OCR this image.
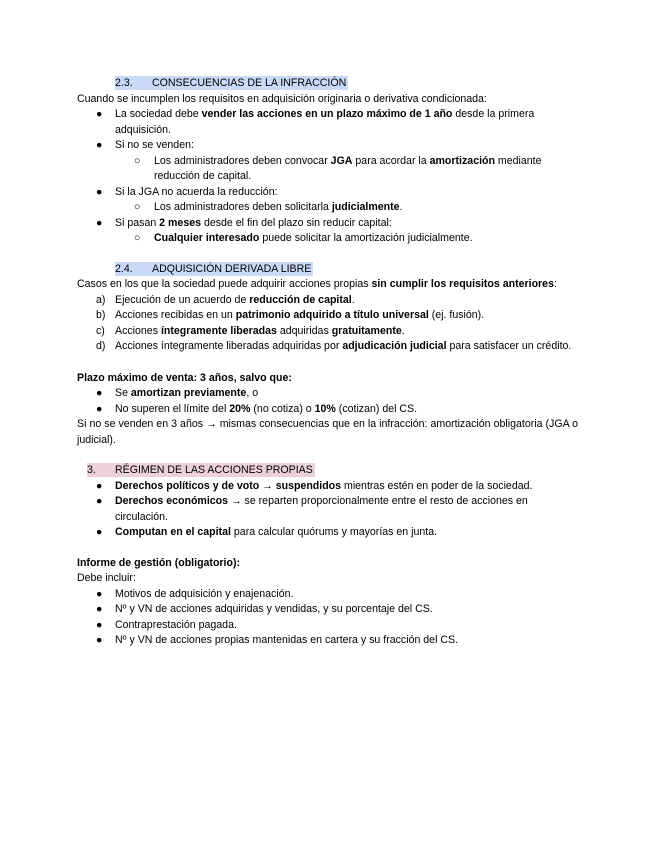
2.3. CONSECUENCIAS DE LA INFRACCIÓN

Cuando se incumplen los requisitos en adquisición originaria o derivativa condicionada:

● La sociedad debe vender las acciones en un plazo máximo de 1 año desde la primera adquisición.
● Si no se venden:
○ Los administradores deben convocar JGA para acordar la amortización mediante reducción de capital.
● Si la JGA no acuerda la reducción:
○ Los administradores deben solicitarla judicialmente.
● Si pasan 2 meses desde el fin del plazo sin reducir capital:
○ Cualquier interesado puede solicitar la amortización judicialmente.
2.4. ADQUISICIÓN DERIVADA LIBRE

Casos en los que la sociedad puede adquirir acciones propias sin cumplir los requisitos anteriores:

a) Ejecución de un acuerdo de reducción de capital.
b) Acciones recibidas en un patrimonio adquirido a título universal (ej. fusión).
c) Acciones íntegramente liberadas adquiridas gratuitamente.
d) Acciones íntegramente liberadas adquiridas por adjudicación judicial para satisfacer un crédito.

Plazo máximo de venta: 3 años, salvo que:

● Se amortizan previamente, o
● No superen el límite del 20% (no cotiza) o 10% (cotizan) del CS.

Si no se venden en 3 años → mismas consecuencias que en la infracción: amortización obligatoria (JGA o judicial).

3. RÉGIMEN DE LAS ACCIONES PROPIAS
● Derechos políticos y de voto → suspendidos mientras estén en poder de la sociedad.
● Derechos económicos → se reparten proporcionalmente entre el resto de acciones en circulación.
● Computan en el capital para calcular quórums y mayorías en junta.

Informe de gestión (obligatorio):

Debe incluir:

● Motivos de adquisición y enajenación.
● Nº y VN de acciones adquiridas y vendidas, y su porcentaje del CS.
● Contraprestación pagada.
● Nº y VN de acciones propias mantenidas en cartera y su fracción del CS.
